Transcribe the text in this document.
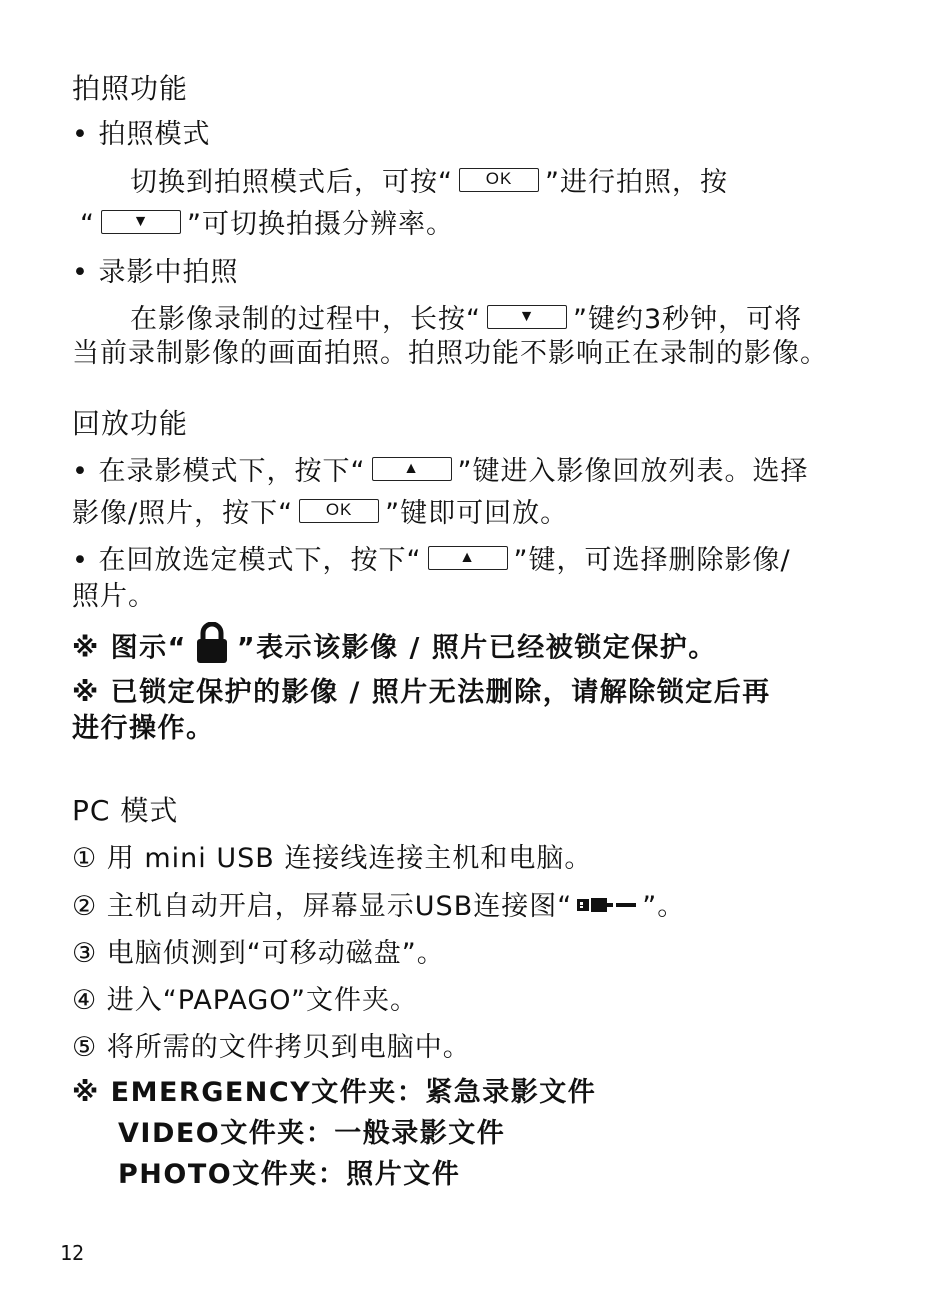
拍照功能
• 拍照模式
切换到拍照模式后，可按“ OK ”进行拍照，按
“ ▼ ”可切换拍摄分辨率。
• 录影中拍照
在影像录制的过程中，长按“ ▼ ”键约3秒钟，可将
当前录制影像的画面拍照。拍照功能不影响正在录制的影像。
回放功能
• 在录影模式下，按下“ ▲ ”键进入影像回放列表。选择
影像/照片，按下“ OK ”键即可回放。
• 在回放选定模式下，按下“ ▲ ”键，可选择删除影像/
照片。
※ 图示“ ”表示该影像 / 照片已经被锁定保护。
※ 已锁定保护的影像 / 照片无法删除，请解除锁定后再
进行操作。
PC 模式
① 用 mini USB 连接线连接主机和电脑。
② 主机自动开启，屏幕显示USB连接图“	”。
③ 电脑侦测到“可移动磁盘”。
④ 进入“PAPAGO”文件夹。
⑤ 将所需的文件拷贝到电脑中。
※ EMERGENCY文件夹：紧急录影文件
VIDEO文件夹：一般录影文件
PHOTO文件夹：照片文件
12
